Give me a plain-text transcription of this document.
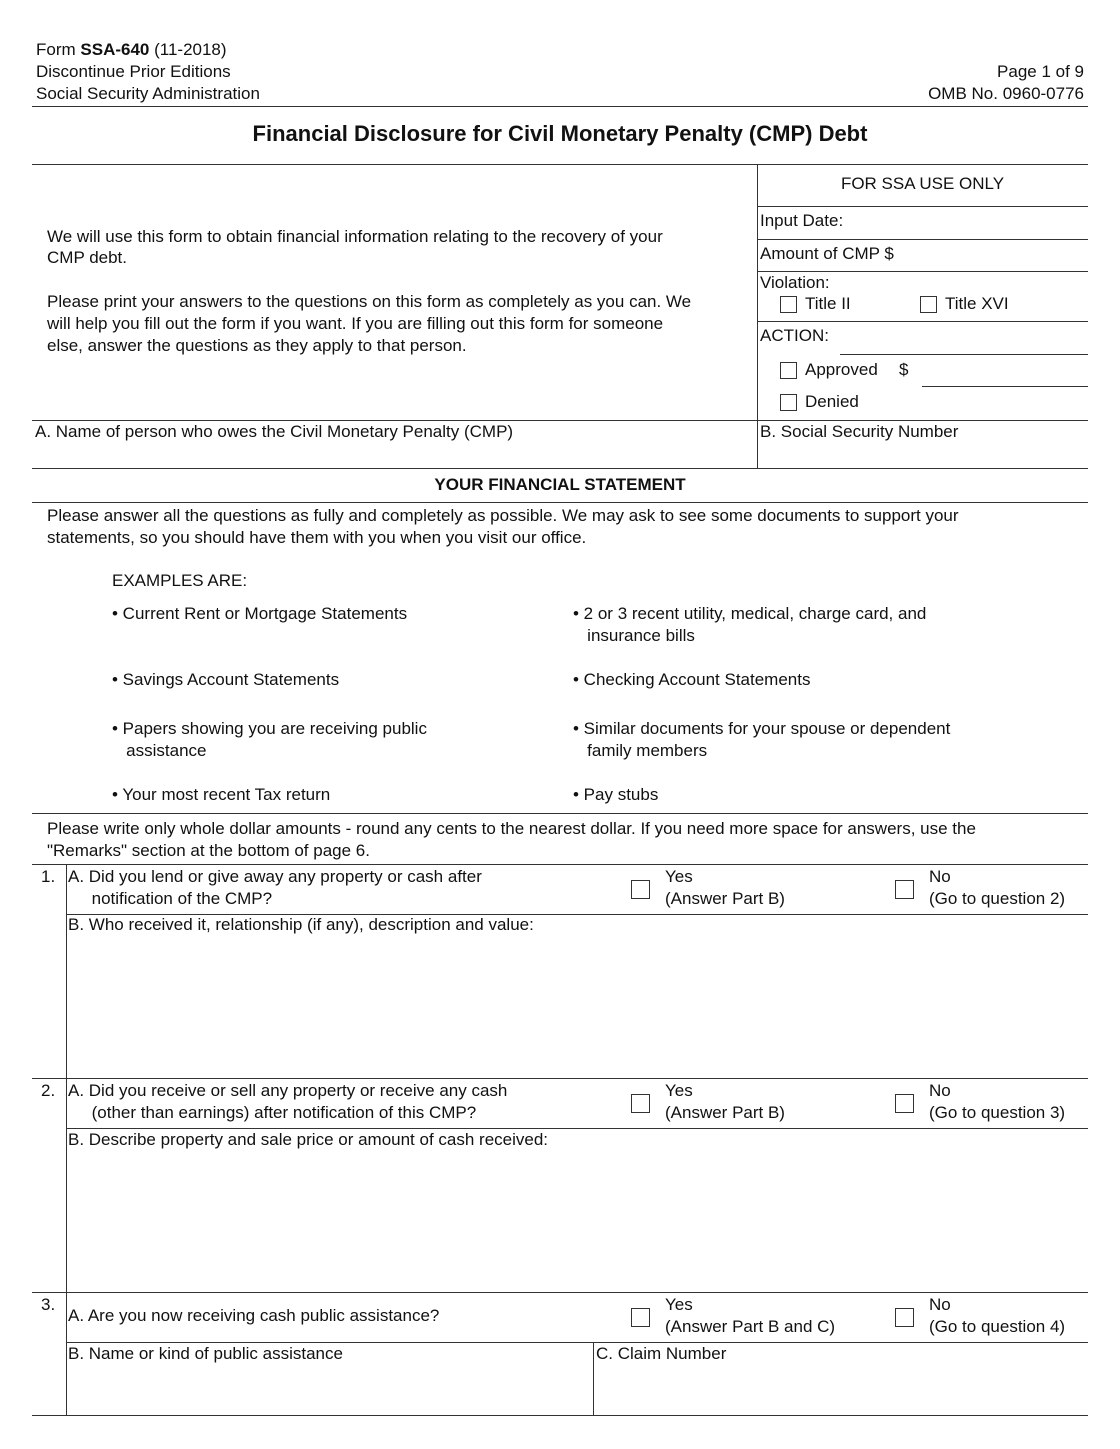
Form SSA-640 (11-2018)
Discontinue Prior Editions
Social Security Administration
Page 1 of 9
OMB No. 0960-0776
Financial Disclosure for Civil Monetary Penalty (CMP) Debt
We will use this form to obtain financial information relating to the recovery of your
CMP debt.
Please print your answers to the questions on this form as completely as you can. We
will help you fill out the form if you want. If you are filling out this form for someone
else, answer the questions as they apply to that person.
FOR SSA USE ONLY
Input Date:
Amount of CMP $
Violation:
Title II	Title XVI
ACTION:
Approved $
Denied
A. Name of person who owes the Civil Monetary Penalty (CMP)	B. Social Security Number
YOUR FINANCIAL STATEMENT
Please answer all the questions as fully and completely as possible. We may ask to see some documents to support your
statements, so you should have them with you when you visit our office.
EXAMPLES ARE:
• Current Rent or Mortgage Statements
• Savings Account Statements
• Papers showing you are receiving public
assistance
• Your most recent Tax return
• 2 or 3 recent utility, medical, charge card, and
insurance bills
• Checking Account Statements
• Similar documents for your spouse or dependent
family members
• Pay stubs
Please write only whole dollar amounts - round any cents to the nearest dollar. If you need more space for answers, use the
"Remarks" section at the bottom of page 6.
1. A. Did you lend or give away any property or cash after
notification of the CMP?
Yes
(Answer Part B)
No
(Go to question 2)
B. Who received it, relationship (if any), description and value:
2. A. Did you receive or sell any property or receive any cash
(other than earnings) after notification of this CMP?
Yes
(Answer Part B)
No
(Go to question 3)
B. Describe property and sale price or amount of cash received:
3.
A. Are you now receiving cash public assistance?
Yes
(Answer Part B and C)
No
(Go to question 4)
B. Name or kind of public assistance	C. Claim Number
